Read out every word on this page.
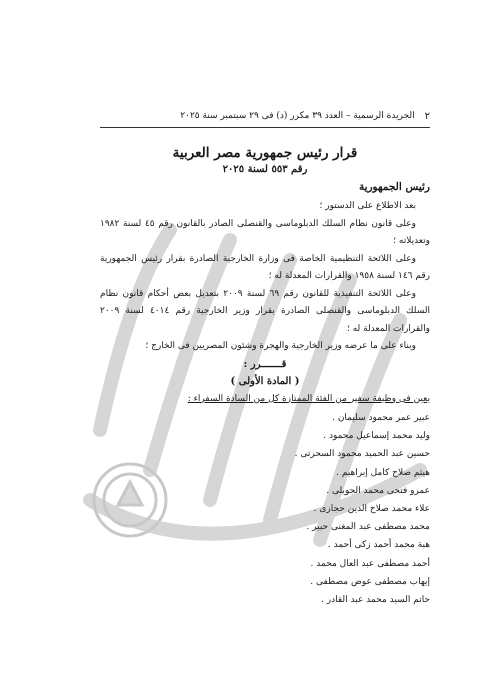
٢
الجريدة الرسمية – العدد ٣٩ مكرر (د) فى ٢٩ سبتمبر سنة ٢٠٢٥
قرار رئيس جمهورية مصر العربية
رقم ٥٥٣ لسنة ٢٠٢٥
رئيس الجمهورية
بعد الاطلاع على الدستور ؛
وعلى قانون نظام السلك الدبلوماسى والقنصلى الصادر بالقانون رقم ٤٥ لسنة ١٩٨٢ وتعديلاته ؛
وعلى اللائحة التنظيمية الخاصة فى وزارة الخارجية الصادرة بقرار رئيس الجمهورية رقم ١٤٦ لسنة ١٩٥٨ والقرارات المعدلة له ؛
وعلى اللائحة التنفيذية للقانون رقم ٦٩ لسنة ٢٠٠٩ بتعديل بعض أحكام قانون نظام السلك الدبلوماسى والقنصلى الصادرة بقرار وزير الخارجية رقم ٤٠١٤ لسنة ٢٠٠٩ والقرارات المعدلة له ؛
وبناء على ما عرضه وزير الخارجية والهجرة وشئون المصريين فى الخارج ؛
قـــــــرر :
( المادة الأولى )
يعين فى وظيفة سفير من الفئة الممتازة كل من السادة السفراء :
عبير عمر محمود سليمان .
وليد محمد إسماعيل محمود .
حسين عبد الحميد محمود السحرتى .
هيثم صلاح كامل إبراهيم .
عمرو فتحى محمد الجويلى .
علاء محمد صلاح الدين حجازى .
محمد مصطفى عبد المغنى حبير .
هبة محمد أحمد زكى أحمد .
أحمد مصطفى عبد العال محمد .
إيهاب مصطفى عوض مصطفى .
حاتم السيد محمد عبد القادر .
